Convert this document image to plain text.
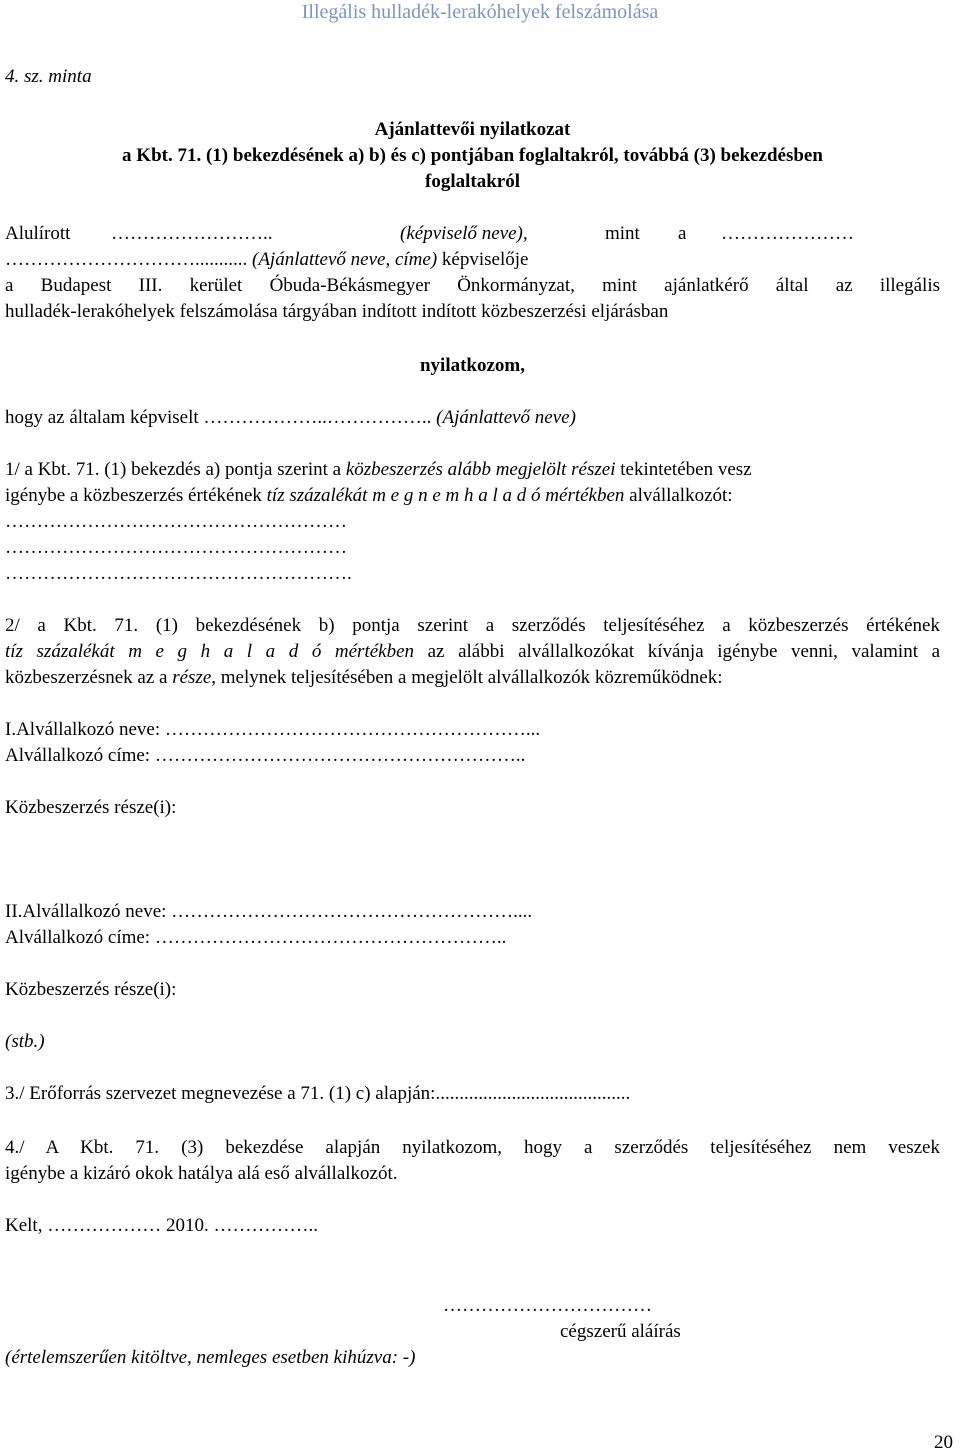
Illegális hulladék-lerakóhelyek felszámolása
4. sz. minta
Ajánlattevői nyilatkozat
a Kbt. 71. (1) bekezdésének a) b) és c) pontjában foglaltakról, továbbá (3) bekezdésben
foglaltakról
Alulírott ……………………..	(képviselő neve),	mint a …………………
…………………………........... (Ajánlattevő neve, címe) képviselője
a Budapest III. kerület Óbuda-Békásmegyer Önkormányzat, mint ajánlatkérő által az illegális
hulladék-lerakóhelyek felszámolása tárgyában indított indított közbeszerzési eljárásban
nyilatkozom,
hogy az általam képviselt ………………..…………….. (Ajánlattevő neve)
1/ a Kbt. 71. (1) bekezdés a) pontja szerint a közbeszerzés alább megjelölt részei tekintetében vesz
igénybe a közbeszerzés értékének tíz százalékát m e g n e m h a l a d ó mértékben alvállalkozót:
………………………………………………
………………………………………………
……………………………………………….
2/ a Kbt. 71. (1) bekezdésének b) pontja szerint a szerződés teljesítéséhez a közbeszerzés értékének
tíz százalékát m e g h a l a d ó mértékben az alábbi alvállalkozókat kívánja igénybe venni, valamint a
közbeszerzésnek az a része, melynek teljesítésében a megjelölt alvállalkozók közreműködnek:
I.Alvállalkozó neve: …………………………………………………...
Alvállalkozó címe: …………………………………………………..
Közbeszerzés része(i):
II.Alvállalkozó neve: ………………………………………………....
Alvállalkozó címe: ………………………………………………..
Közbeszerzés része(i):
(stb.)
3./ Erőforrás szervezet megnevezése a 71. (1) c) alapján:.........................................
4./ A Kbt. 71. (3) bekezdése alapján nyilatkozom, hogy a szerződés teljesítéséhez nem veszek
igénybe a kizáró okok hatálya alá eső alvállalkozót.
Kelt, ……………… 2010. ……………..
……………………………
cégszerű aláírás
(értelemszerűen kitöltve, nemleges esetben kihúzva: -)
20
